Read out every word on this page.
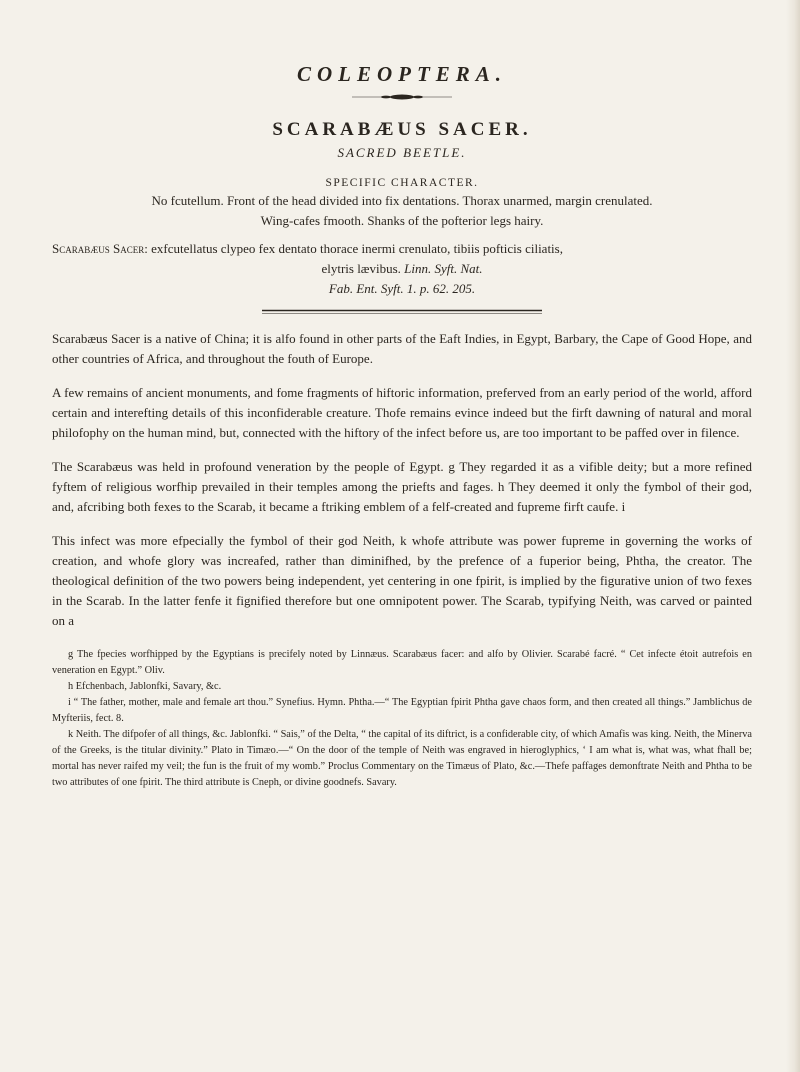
COLEOPTERA.
SCARABÆUS SACER.
SACRED BEETLE.
SPECIFIC CHARACTER.

No fcutellum. Front of the head divided into fix dentations. Thorax unarmed, margin crenulated.
Wing-cafes fmooth. Shanks of the pofterior legs hairy.

Scarabæus Sacer: exfcutellatus clypeo fex dentato thorace inermi crenulato, tibiis pofticis ciliatis,
elytris lævibus. Linn. Syft. Nat.
Fab. Ent. Syft. 1. p. 62. 205.

Scarabæus Sacer is a native of China; it is alfo found in other parts of the Eaft Indies, in Egypt, Barbary, the Cape of Good Hope, and other countries of Africa, and throughout the fouth of Europe.

A few remains of ancient monuments, and fome fragments of hiftoric information, preferved from an early period of the world, afford certain and interefting details of this inconfiderable creature. Thofe remains evince indeed but the firft dawning of natural and moral philofophy on the human mind, but, connected with the hiftory of the infect before us, are too important to be paffed over in filence.

The Scarabæus was held in profound veneration by the people of Egypt. g They regarded it as a vifible deity; but a more refined fyftem of religious worfhip prevailed in their temples among the priefts and fages. h They deemed it only the fymbol of their god, and, afcribing both fexes to the Scarab, it became a ftriking emblem of a felf-created and fupreme firft caufe. i

This infect was more efpecially the fymbol of their god Neith, k whofe attribute was power fupreme in governing the works of creation, and whofe glory was increafed, rather than diminifhed, by the prefence of a fuperior being, Phtha, the creator. The theological definition of the two powers being independent, yet centering in one fpirit, is implied by the figurative union of two fexes in the Scarab. In the latter fenfe it fignified therefore but one omnipotent power. The Scarab, typifying Neith, was carved or painted on a

g The fpecies worfhipped by the Egyptians is precifely noted by Linnæus. Scarabæus facer: and alfo by Olivier. Scarabé facré. “ Cet infecte étoit autrefois en veneration en Egypt.” Oliv.

h Efchenbach, Jablonfki, Savary, &c.

i “ The father, mother, male and female art thou.” Synefius. Hymn. Phtha.—“ The Egyptian fpirit Phtha gave chaos form, and then created all things.” Jamblichus de Myfteriis, fect. 8.

k Neith. The difpofer of all things, &c. Jablonfki. “ Sais,” of the Delta, “ the capital of its diftrict, is a confiderable city, of which Amafis was king. Neith, the Minerva of the Greeks, is the titular divinity.” Plato in Timæo.—“ On the door of the temple of Neith was engraved in hieroglyphics, ‘ I am what is, what was, what fhall be; mortal has never raifed my veil; the fun is the fruit of my womb.” Proclus Commentary on the Timæus of Plato, &c.—Thefe paffages demonftrate Neith and Phtha to be two attributes of one fpirit. The third attribute is Cneph, or divine goodnefs. Savary.
